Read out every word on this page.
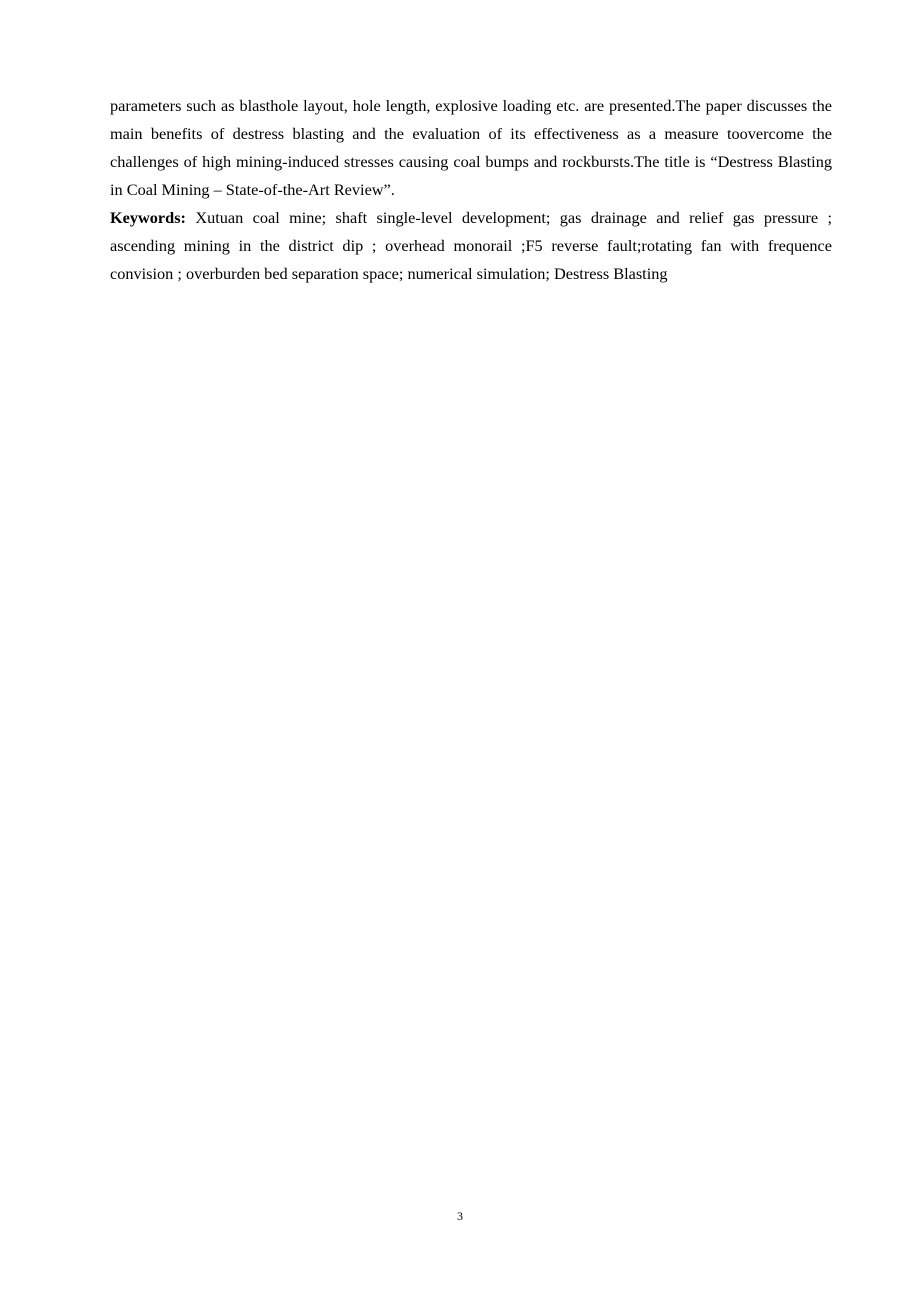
parameters such as blasthole layout, hole length, explosive loading etc. are presented.The paper discusses the main benefits of destress blasting and the evaluation of its effectiveness as a measure toovercome the challenges of high mining-induced stresses causing coal bumps and rockbursts.The title is “Destress Blasting in Coal Mining – State-of-the-Art Review”.

Keywords: Xutuan coal mine; shaft single-level development; gas drainage and relief gas pressure ; ascending mining in the district dip ; overhead monorail ;F5 reverse fault;rotating fan with frequence convision ; overburden bed separation space; numerical simulation; Destress Blasting

3
